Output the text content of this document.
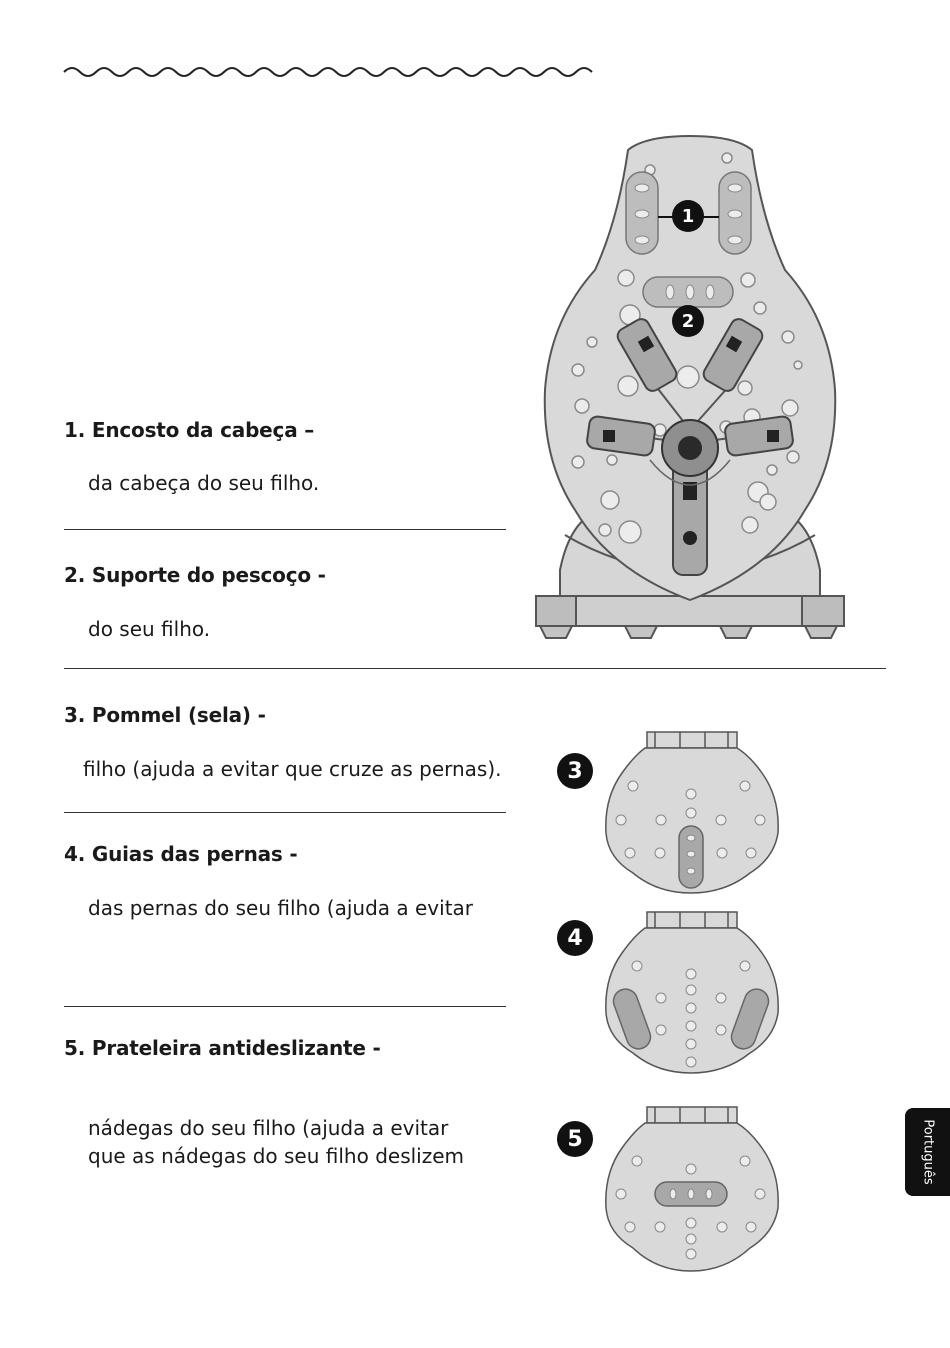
1. Encosto da cabeça –
da cabeça do seu filho.
2. Suporte do pescoço -
do seu filho.
3. Pommel (sela) -
filho (ajuda a evitar que cruze as pernas).
4. Guias das pernas -
das pernas do seu filho (ajuda a evitar
5. Prateleira antideslizante -
nádegas do seu filho (ajuda a evitar
que as nádegas do seu filho deslizem
1
2
3
4
5	Português
